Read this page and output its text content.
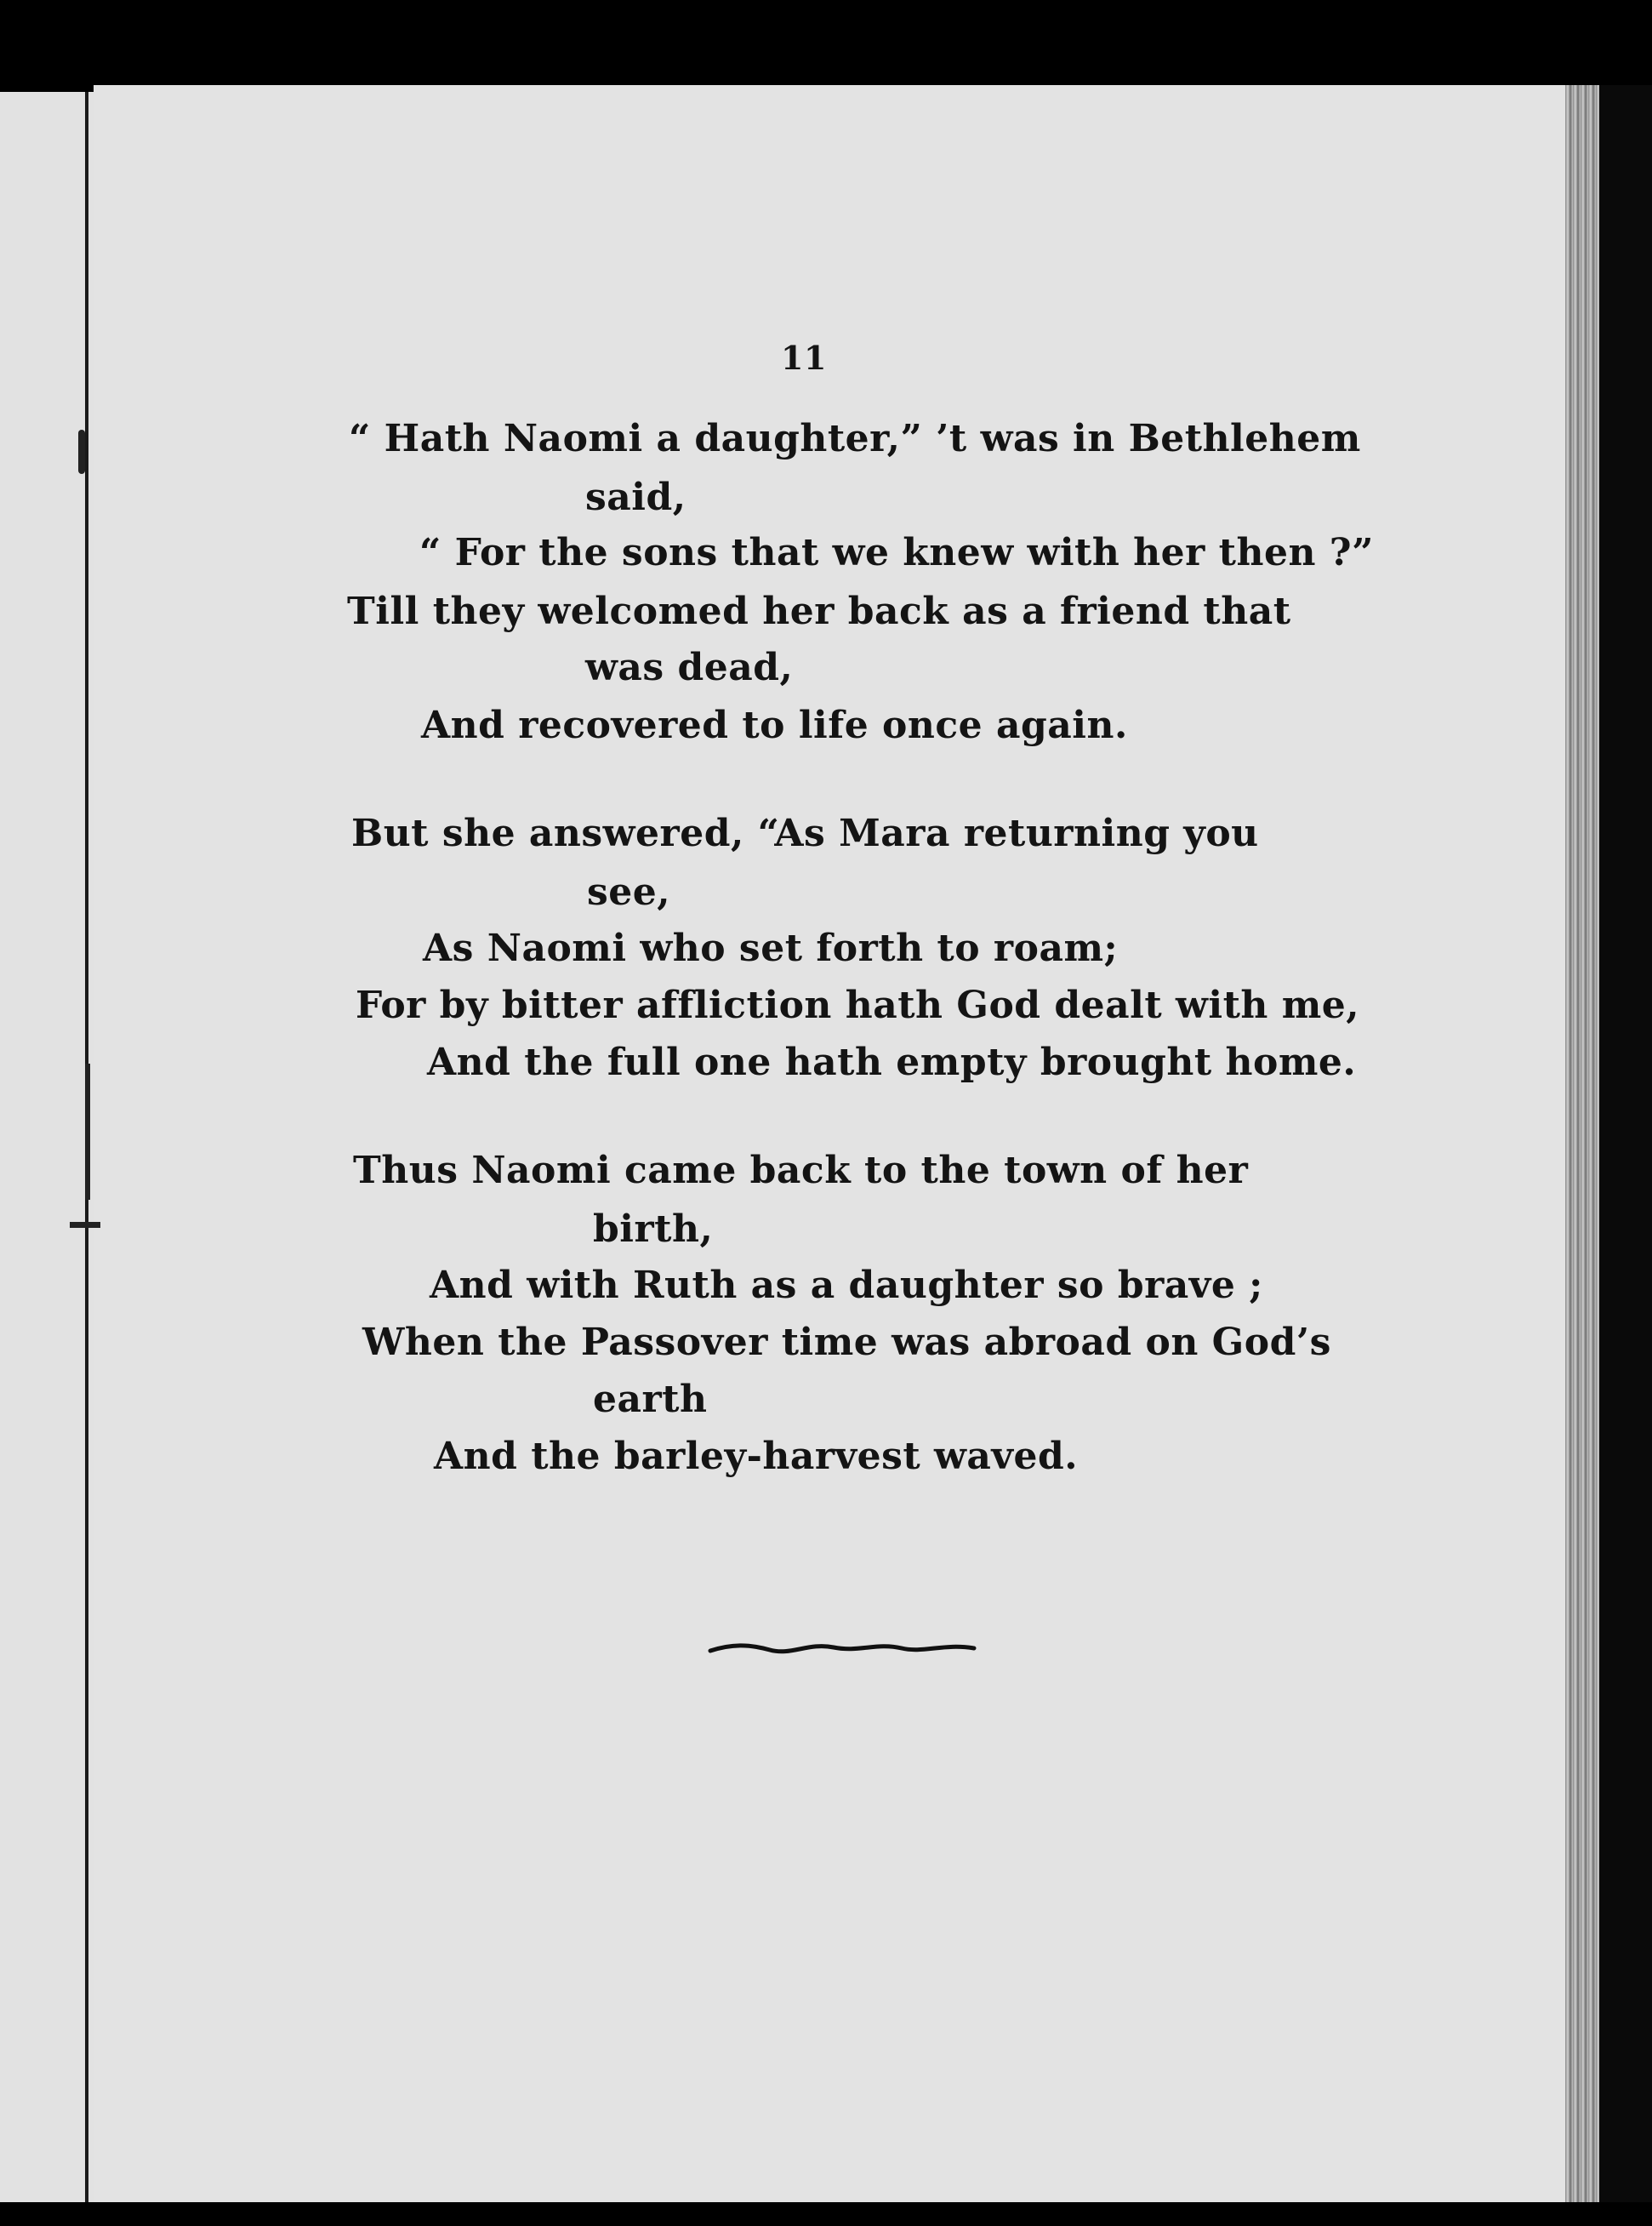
11
“ Hath Naomi a daughter,” ’t was in Bethlehem
said,
“ For the sons that we knew with her then ?”
Till they welcomed her back as a friend that
was dead,
And recovered to life once again.
But she answered, “As Mara returning you
see,
As Naomi who set forth to roam;
For by bitter affliction hath God dealt with me,
And the full one hath empty brought home.
Thus Naomi came back to the town of her
birth,
And with Ruth as a daughter so brave ;
When the Passover time was abroad on God’s
earth
And the barley-harvest waved.
